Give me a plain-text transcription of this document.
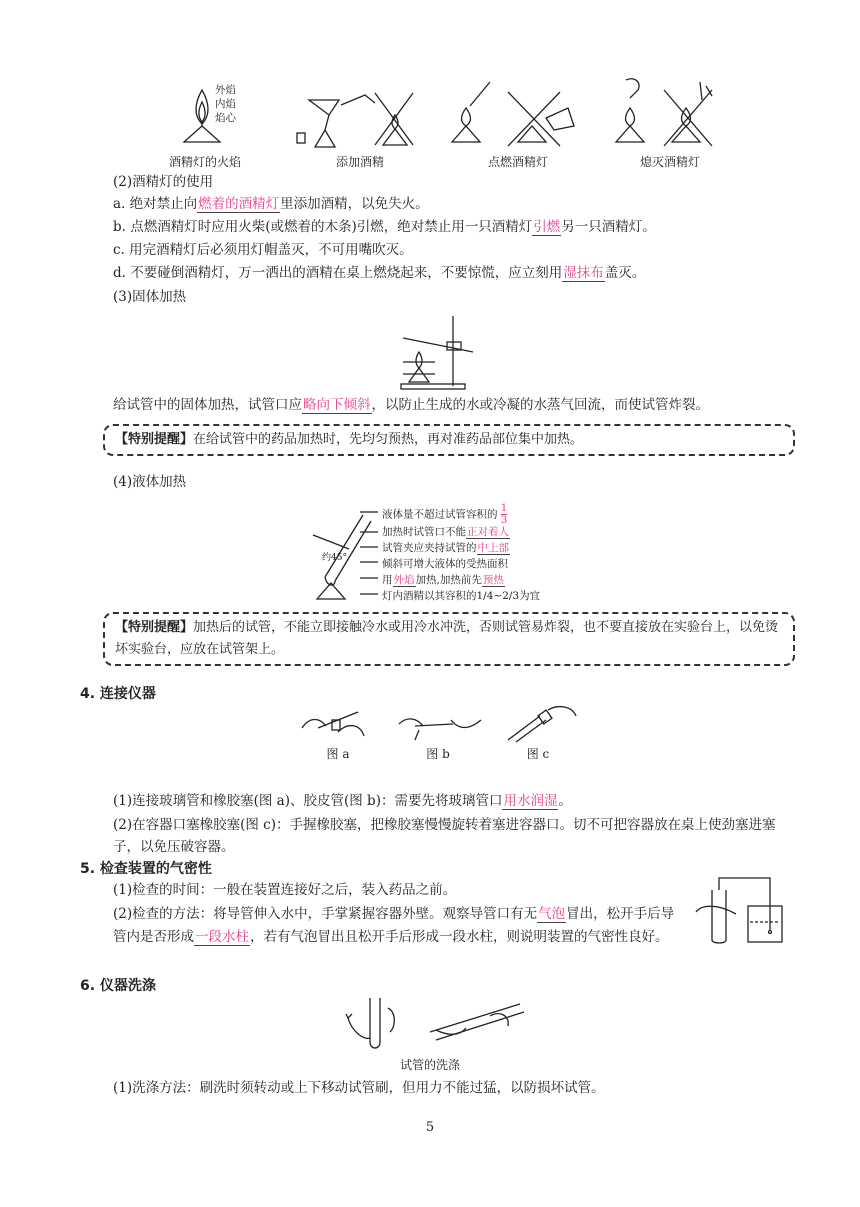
外焰
内焰
焰心
酒精灯的火焰	添加酒精	点燃酒精灯	熄灭酒精灯
(2)酒精灯的使用
a. 绝对禁止向燃着的酒精灯里添加酒精，以免失火。
b. 点燃酒精灯时应用火柴(或燃着的木条)引燃，绝对禁止用一只酒精灯引燃另一只酒精灯。
c. 用完酒精灯后必须用灯帽盖灭，不可用嘴吹灭。
d. 不要碰倒酒精灯，万一洒出的酒精在桌上燃烧起来，不要惊慌，应立刻用湿抹布盖灭。
(3)固体加热
给试管中的固体加热，试管口应略向下倾斜，以防止生成的水或冷凝的水蒸气回流，而使试管炸裂。
【特别提醒】在给试管中的药品加热时，先均匀预热，再对准药品部位集中加热。
(4)液体加热
约45°
液体量不超过试管容积的 $\frac{1}{3}$
加热时试管口不能正对着人
试管夹应夹持试管的中上部
倾斜可增大液体的受热面积
用外焰加热,加热前先预热
灯内酒精以其容积的1/4~2/3为宜
【特别提醒】加热后的试管，不能立即接触冷水或用冷水冲洗，否则试管易炸裂，也不要直接放在实验台上，以免烫坏实验台，应放在试管架上。
4. 连接仪器
图 a	图 b	图 c
(1)连接玻璃管和橡胶塞(图 a)、胶皮管(图 b)：需要先将玻璃管口用水润湿。
(2)在容器口塞橡胶塞(图 c)：手握橡胶塞，把橡胶塞慢慢旋转着塞进容器口。切不可把容器放在桌上使劲塞进塞子，以免压破容器。
5. 检查装置的气密性
(1)检查的时间：一般在装置连接好之后，装入药品之前。
(2)检查的方法：将导管伸入水中，手掌紧握容器外壁。观察导管口有无气泡冒出，松开手后导管内是否形成一段水柱，若有气泡冒出且松开手后形成一段水柱，则说明装置的气密性良好。
6. 仪器洗涤
试管的洗涤
(1)洗涤方法：刷洗时须转动或上下移动试管刷，但用力不能过猛，以防损坏试管。
5
